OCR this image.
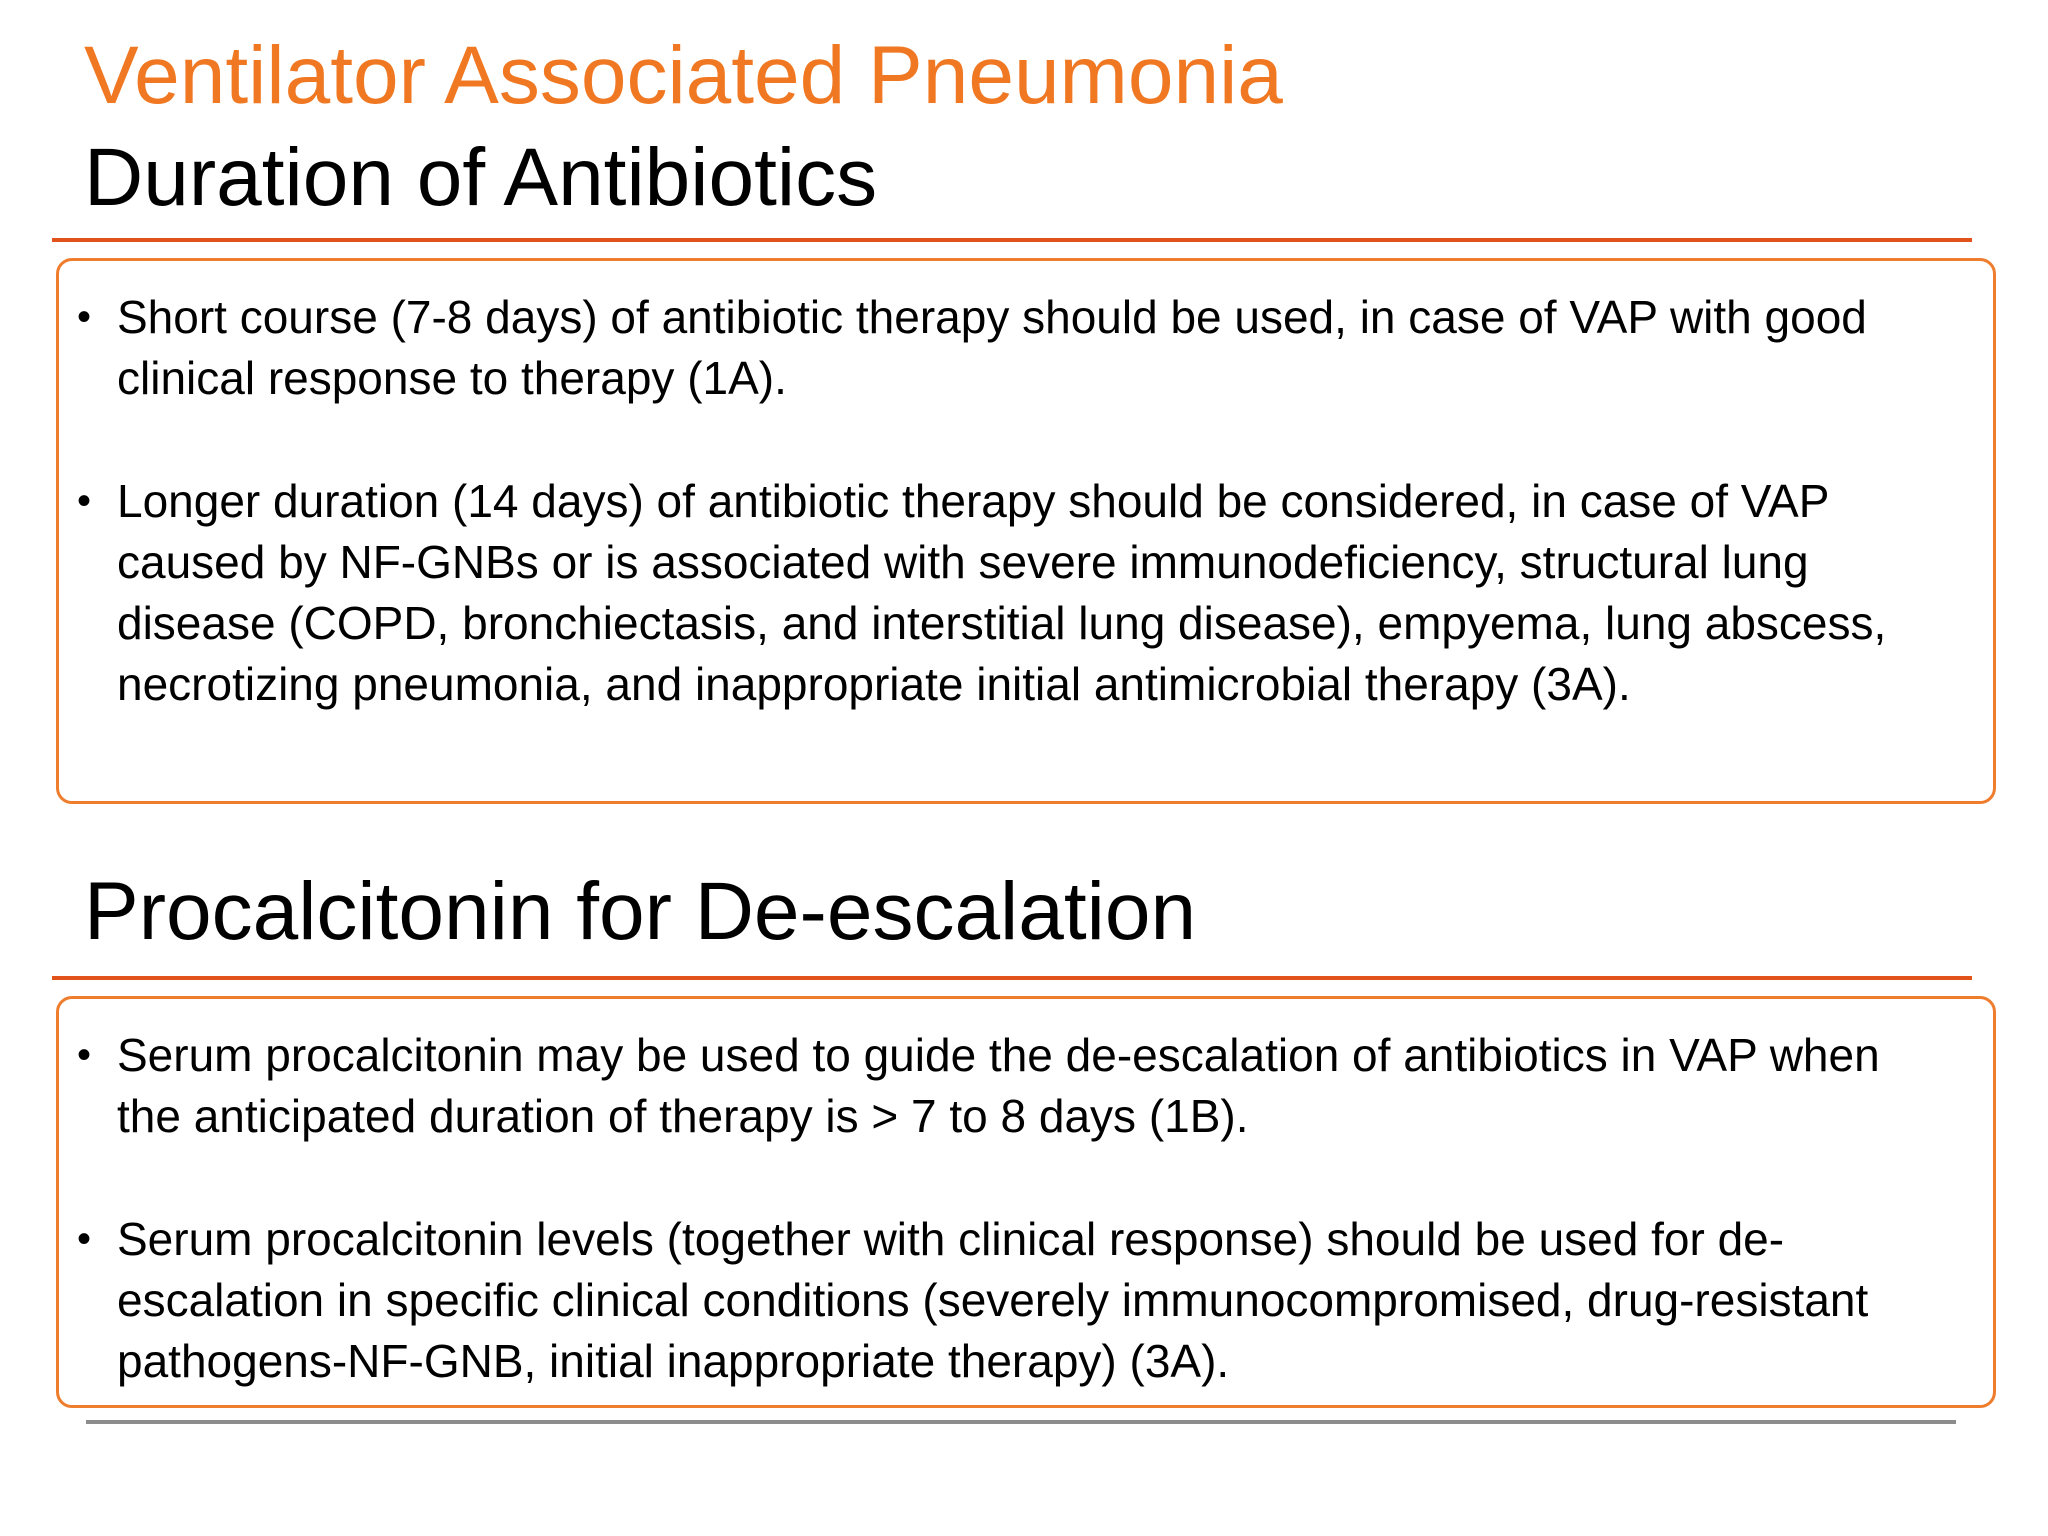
Ventilator Associated Pneumonia
Duration of Antibiotics
• Short course (7-8 days) of antibiotic therapy should be used, in case of VAP with good clinical response to therapy (1A).
• Longer duration (14 days) of antibiotic therapy should be considered, in case of VAP caused by NF-GNBs or is associated with severe immunodeficiency, structural lung disease (COPD, bronchiectasis, and interstitial lung disease), empyema, lung abscess, necrotizing pneumonia, and inappropriate initial antimicrobial therapy (3A).
Procalcitonin for De-escalation
• Serum procalcitonin may be used to guide the de-escalation of antibiotics in VAP when the anticipated duration of therapy is > 7 to 8 days (1B).
• Serum procalcitonin levels (together with clinical response) should be used for de-escalation in specific clinical conditions (severely immunocompromised, drug-resistant pathogens-NF-GNB, initial inappropriate therapy) (3A).
